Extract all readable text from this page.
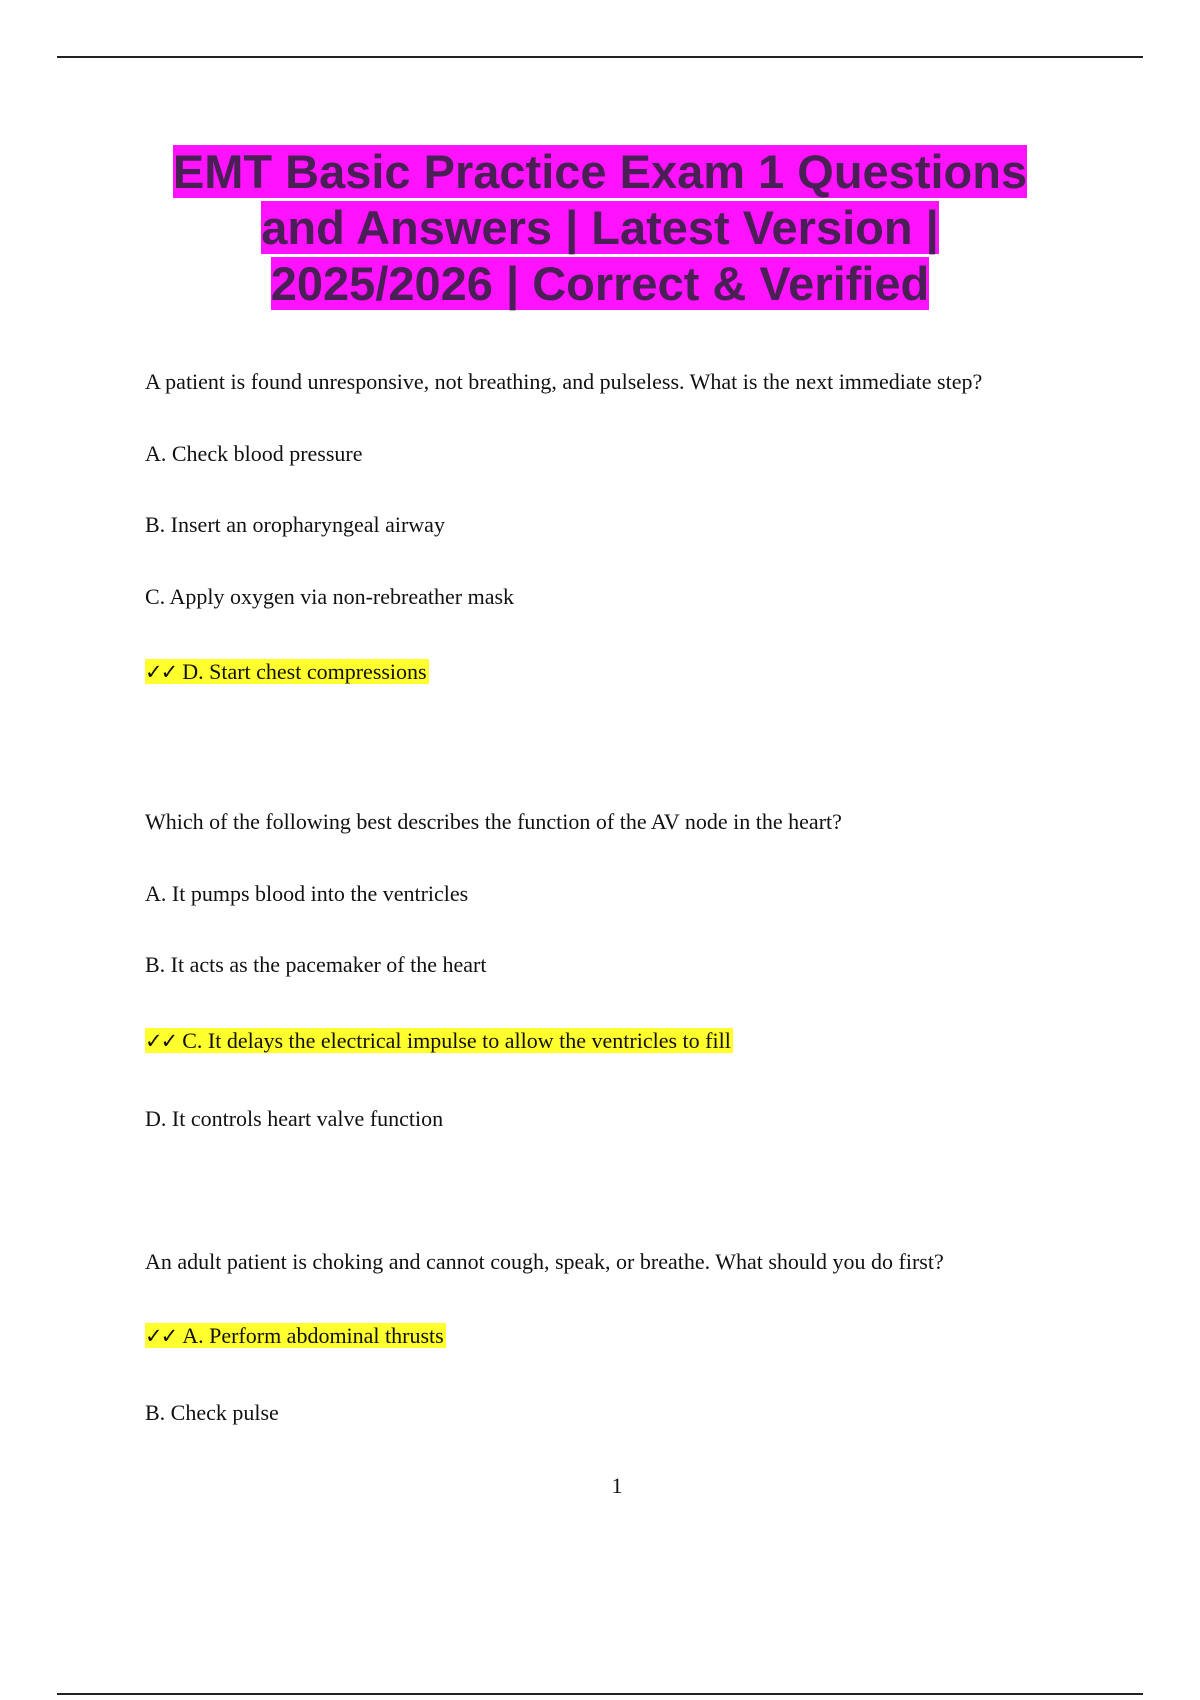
EMT Basic Practice Exam 1 Questions
and Answers | Latest Version |
2025/2026 | Correct & Verified
A patient is found unresponsive, not breathing, and pulseless. What is the next immediate step?
A. Check blood pressure
B. Insert an oropharyngeal airway
C. Apply oxygen via non-rebreather mask
✓✓ D. Start chest compressions
Which of the following best describes the function of the AV node in the heart?
A. It pumps blood into the ventricles
B. It acts as the pacemaker of the heart
✓✓ C. It delays the electrical impulse to allow the ventricles to fill
D. It controls heart valve function
An adult patient is choking and cannot cough, speak, or breathe. What should you do first?
✓✓ A. Perform abdominal thrusts
B. Check pulse
1
